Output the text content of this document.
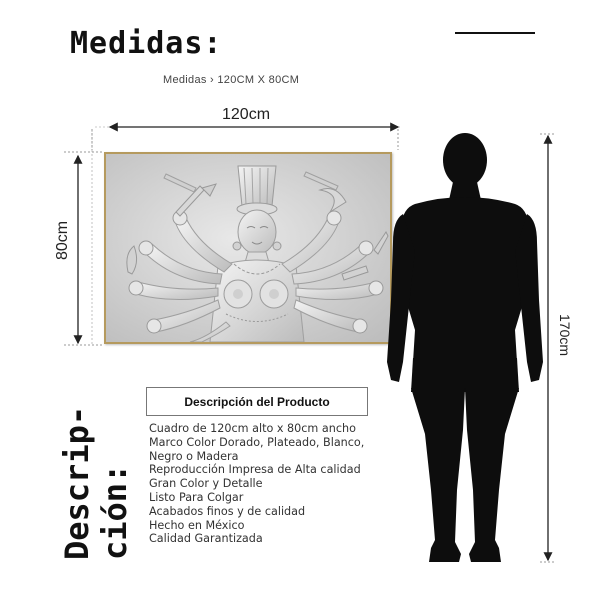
Medidas:
Medidas › 120CM X 80CM
120cm
80cm
170cm
Descrip- ción:
Descripción del Producto
Cuadro de 120cm alto x 80cm ancho
Marco Color Dorado, Plateado, Blanco,
Negro o Madera
Reproducción Impresa de Alta calidad
Gran Color y Detalle
Listo Para Colgar
Acabados finos y de calidad
Hecho en México
Calidad Garantizada
